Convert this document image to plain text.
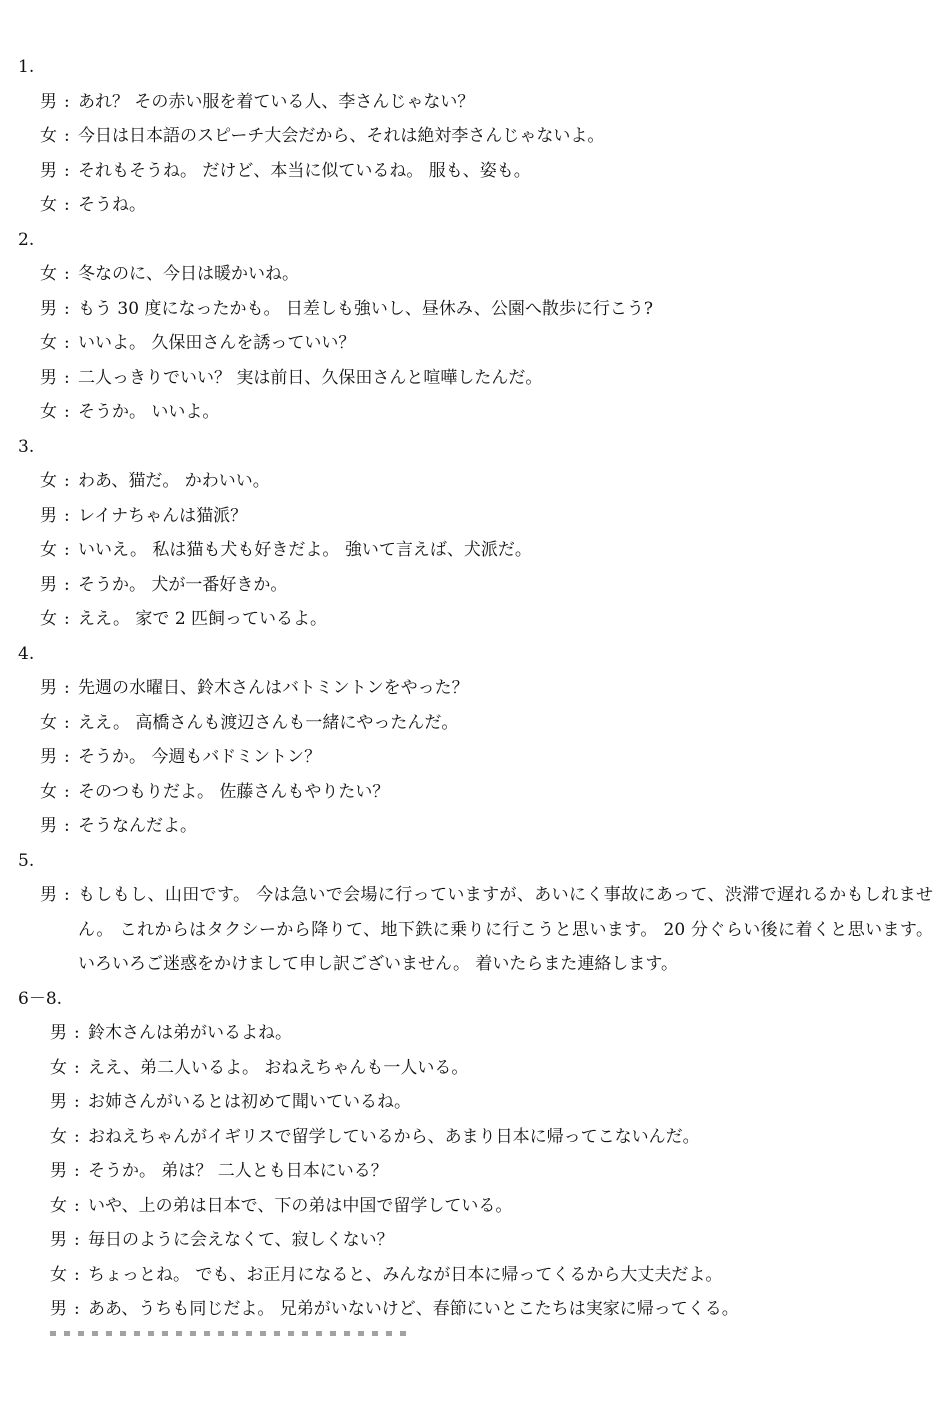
1.
男 : あれ？ その赤い服を着ている人、李さんじゃない？
女 : 今日は日本語のスピーチ大会だから、それは絶対李さんじゃないよ。
男 : それもそうね。 だけど、本当に似ているね。 服も、姿も。
女 : そうね。
2.
女 : 冬なのに、今日は暖かいね。
男 : もう 30 度になったかも。 日差しも強いし、昼休み、公園へ散歩に行こう?
女 : いいよ。 久保田さんを誘っていい？
男 : 二人っきりでいい？ 実は前日、久保田さんと喧嘩したんだ。
女 : そうか。 いいよ。
3.
女 : わあ、猫だ。 かわいい。
男 : レイナちゃんは猫派？
女 : いいえ。 私は猫も犬も好きだよ。 強いて言えば、犬派だ。
男 : そうか。 犬が一番好きか。
女 : ええ。 家で 2 匹飼っているよ。
4.
男 : 先週の水曜日、鈴木さんはバトミントンをやった？
女 : ええ。 高橋さんも渡辺さんも一緒にやったんだ。
男 : そうか。 今週もバドミントン？
女 : そのつもりだよ。 佐藤さんもやりたい？
男 : そうなんだよ。
5.
男 : もしもし、山田です。 今は急いで会場に行っていますが、あいにく事故にあって、渋滞で遅れるかもしれません。 これからはタクシーから降りて、地下鉄に乗りに行こうと思います。 20 分ぐらい後に着くと思います。 いろいろご迷惑をかけまして申し訳ございません。 着いたらまた連絡します。
6－8.
男 : 鈴木さんは弟がいるよね。
女 : ええ、弟二人いるよ。 おねえちゃんも一人いる。
男 : お姉さんがいるとは初めて聞いているね。
女 : おねえちゃんがイギリスで留学しているから、あまり日本に帰ってこないんだ。
男 : そうか。 弟は？ 二人とも日本にいる？
女 : いや、上の弟は日本で、下の弟は中国で留学している。
男 : 毎日のように会えなくて、寂しくない？
女 : ちょっとね。 でも、お正月になると、みんなが日本に帰ってくるから大丈夫だよ。
男 : ああ、うちも同じだよ。 兄弟がいないけど、春節にいとこたちは実家に帰ってくる。
